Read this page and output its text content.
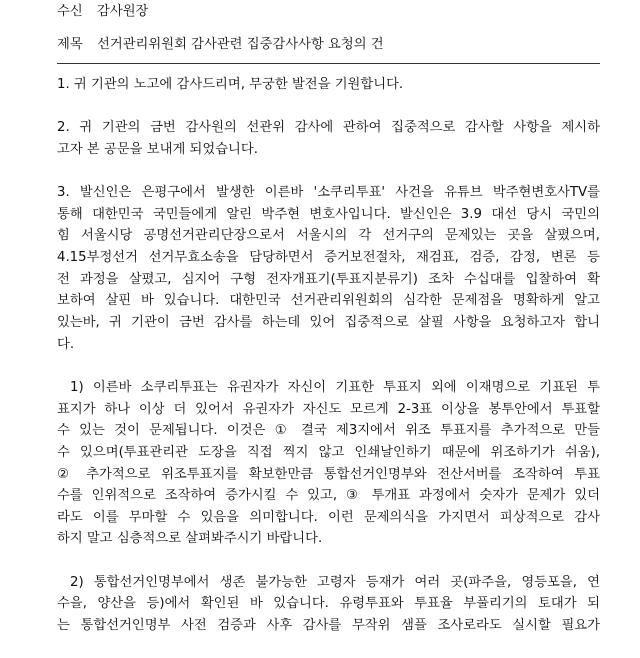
수신 감사원장
제목 선거관리위원회 감사관련 집중감사사항 요청의 건
1. 귀 기관의 노고에 감사드리며, 무궁한 발전을 기원합니다.
2. 귀 기관의 금번 감사원의 선관위 감사에 관하여 집중적으로 감사할 사항을 제시하
고자 본 공문을 보내게 되었습니다.
3. 발신인은 은평구에서 발생한 이른바 '소쿠리투표' 사건을 유튜브 박주현변호사TV를
통해 대한민국 국민들에게 알린 박주현 변호사입니다. 발신인은 3.9 대선 당시 국민의
힘 서울시당 공명선거관리단장으로서 서울시의 각 선거구의 문제있는 곳을 살폈으며,
4.15부정선거 선거무효소송을 담당하면서 증거보전절차, 재검표, 검증, 감정, 변론 등
전 과정을 살폈고, 심지어 구형 전자개표기(투표지분류기) 조차 수십대를 입찰하여 확
보하여 살핀 바 있습니다. 대한민국 선거관리위원회의 심각한 문제점을 명확하게 알고
있는바, 귀 기관이 금번 감사를 하는데 있어 집중적으로 살필 사항을 요청하고자 합니
다.
1) 이른바 소쿠리투표는 유권자가 자신이 기표한 투표지 외에 이재명으로 기표된 투
표지가 하나 이상 더 있어서 유권자가 자신도 모르게 2-3표 이상을 봉투안에서 투표할
수 있는 것이 문제됩니다. 이것은 ① 결국 제3지에서 위조 투표지를 추가적으로 만들
수 있으며(투표관리관 도장을 직접 찍지 않고 인쇄날인하기 때문에 위조하기가 쉬움),
② 추가적으로 위조투표지를 확보한만큼 통합선거인명부와 전산서버를 조작하여 투표
수를 인위적으로 조작하여 증가시킬 수 있고, ③ 투개표 과정에서 숫자가 문제가 있더
라도 이를 무마할 수 있음을 의미합니다. 이런 문제의식을 가지면서 피상적으로 감사
하지 말고 심층적으로 살펴봐주시기 바랍니다.
2) 통합선거인명부에서 생존 불가능한 고령자 등재가 여러 곳(파주을, 영등포을, 연
수을, 양산을 등)에서 확인된 바 있습니다. 유령투표와 투표율 부풀리기의 토대가 되
는 통합선거인명부 사전 검증과 사후 감사를 무작위 샘플 조사로라도 실시할 필요가
